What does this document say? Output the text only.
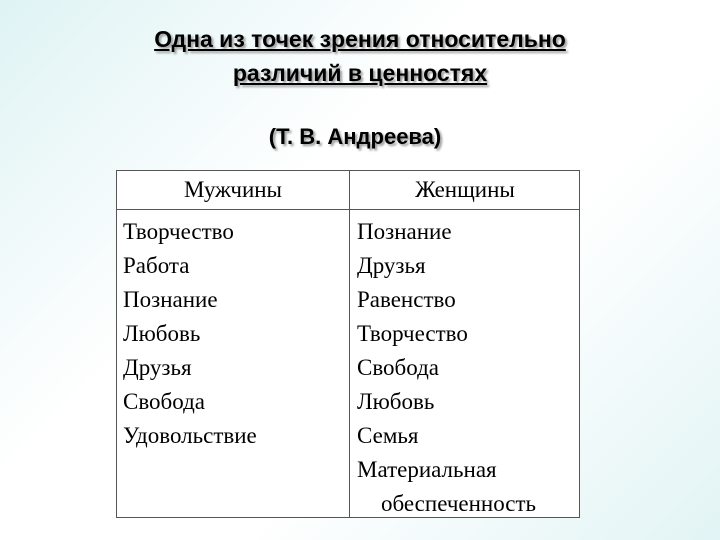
Одна из точек зрения относительно
различий в ценностях
(Т. В. Андреева)
Мужчины	Женщины
Творчество
Работа
Познание
Любовь
Друзья
Свобода
Удовольствие
Познание
Друзья
Равенство
Творчество
Свобода
Любовь
Семья
Материальная
обеспеченность
